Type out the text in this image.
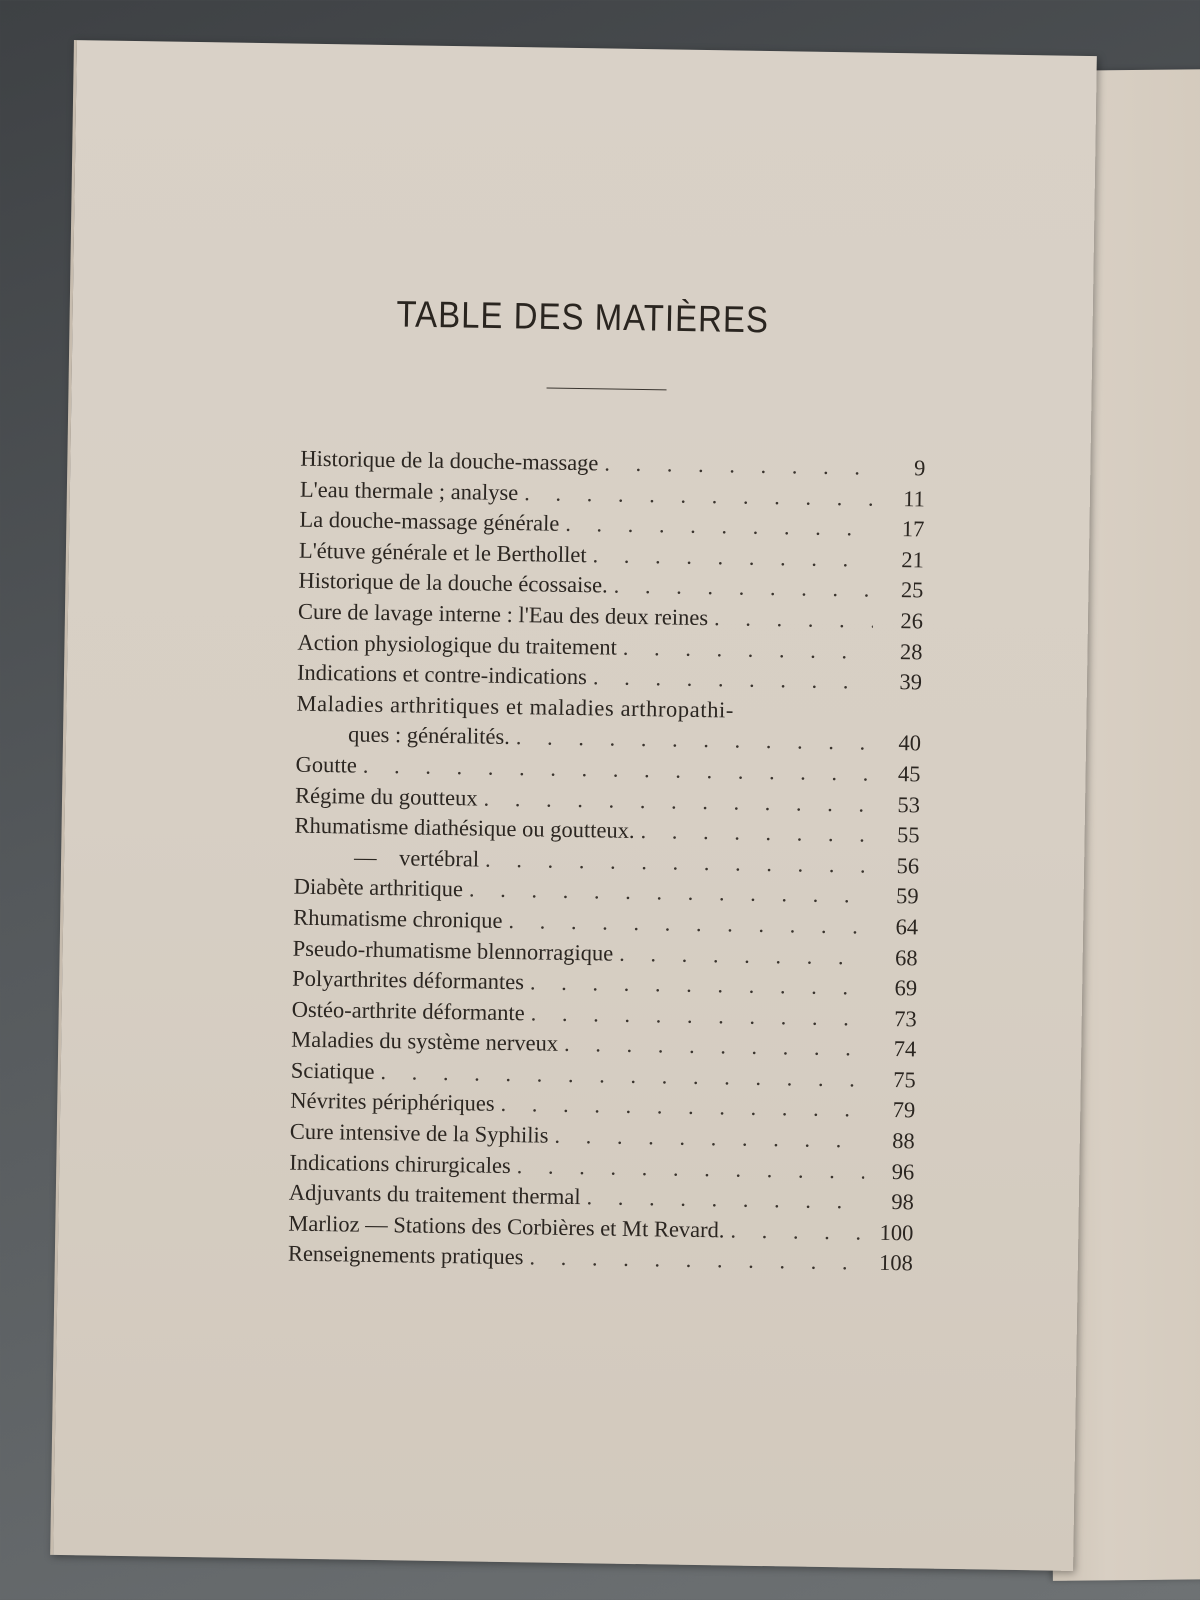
TABLE DES MATIÈRES
Historique de la douche-massage . . .	9
L'eau thermale ; analyse . . .	11
La douche-massage générale . . .	17
L'étuve générale et le Berthollet . . .	21
Historique de la douche écossaise. . . .	25
Cure de lavage interne : l'Eau des deux reines . . .	26
Action physiologique du traitement . . .	28
Indications et contre-indications . . .	39
Maladies arthritiques et maladies arthropathi-
ques : généralités. . . .	40
Goutte . . .	45
Régime du goutteux . . .	53
Rhumatisme diathésique ou goutteux. . . .	55
—    vertébral . . .	56
Diabète arthritique . . .	59
Rhumatisme chronique . . .	64
Pseudo-rhumatisme blennorragique . . .	68
Polyarthrites déformantes . . .	69
Ostéo-arthrite déformante . . .	73
Maladies du système nerveux . . .	74
Sciatique . . .	75
Névrites périphériques . . .	79
Cure intensive de la Syphilis . . .	88
Indications chirurgicales . . .	96
Adjuvants du traitement thermal . . .	98
Marlioz — Stations des Corbières et Mt Revard. . . .	100
Renseignements pratiques . . .	108
